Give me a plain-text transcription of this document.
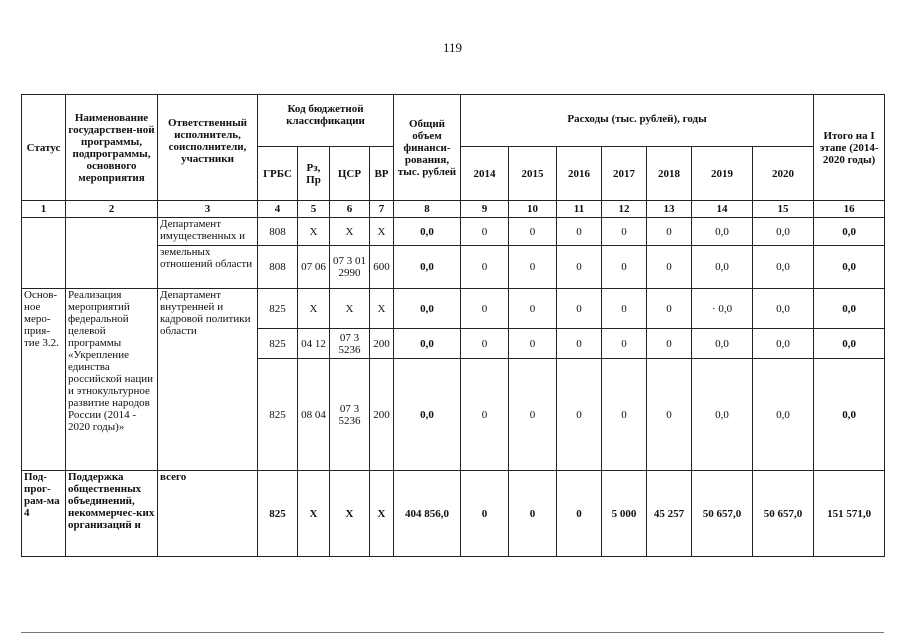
119
Статус	Наименование государствен-ной программы, подпрограммы, основного мероприятия	Ответственный исполнитель, соисполнители, участники	Код бюджетной классификации				Общий объем финанси-рования, тыс. рублей	Расходы (тыс. рублей), годы							Итого на I этапе (2014-2020 годы)
			ГРБС	Рз, Пр	ЦСР	ВР		2014	2015	2016	2017	2018	2019	2020	
1	2	3	4	5	6	7	8	9	10	11	12	13	14	15	16
		Департамент имущественных и	808	Х	Х	Х	0,0	0	0	0	0	0	0,0	0,0	0,0
		земельных отношений области	808	07 06	07 3 01 2990	600	0,0	0	0	0	0	0	0,0	0,0	0,0
Основ-ное меро-прия-тие 3.2.	Реализация мероприятий федеральной целевой программы «Укрепление единства российской нации и этнокультурное развитие народов России (2014 - 2020 годы)»	Департамент внутренней и кадровой политики области	825	Х	Х	Х	0,0	0	0	0	0	0	· 0,0	0,0	0,0
			825	04 12	07 3 5236	200	0,0	0	0	0	0	0	0,0	0,0	0,0
			825	08 04	07 3 5236	200	0,0	0	0	0	0	0	0,0	0,0	0,0
Под-прог-рам-ма 4	Поддержка общественных объединений, некоммерчес-ких организаций и	всего	825	Х	Х	Х	404 856,0	0	0	0	5 000	45 257	50 657,0	50 657,0	151 571,0
